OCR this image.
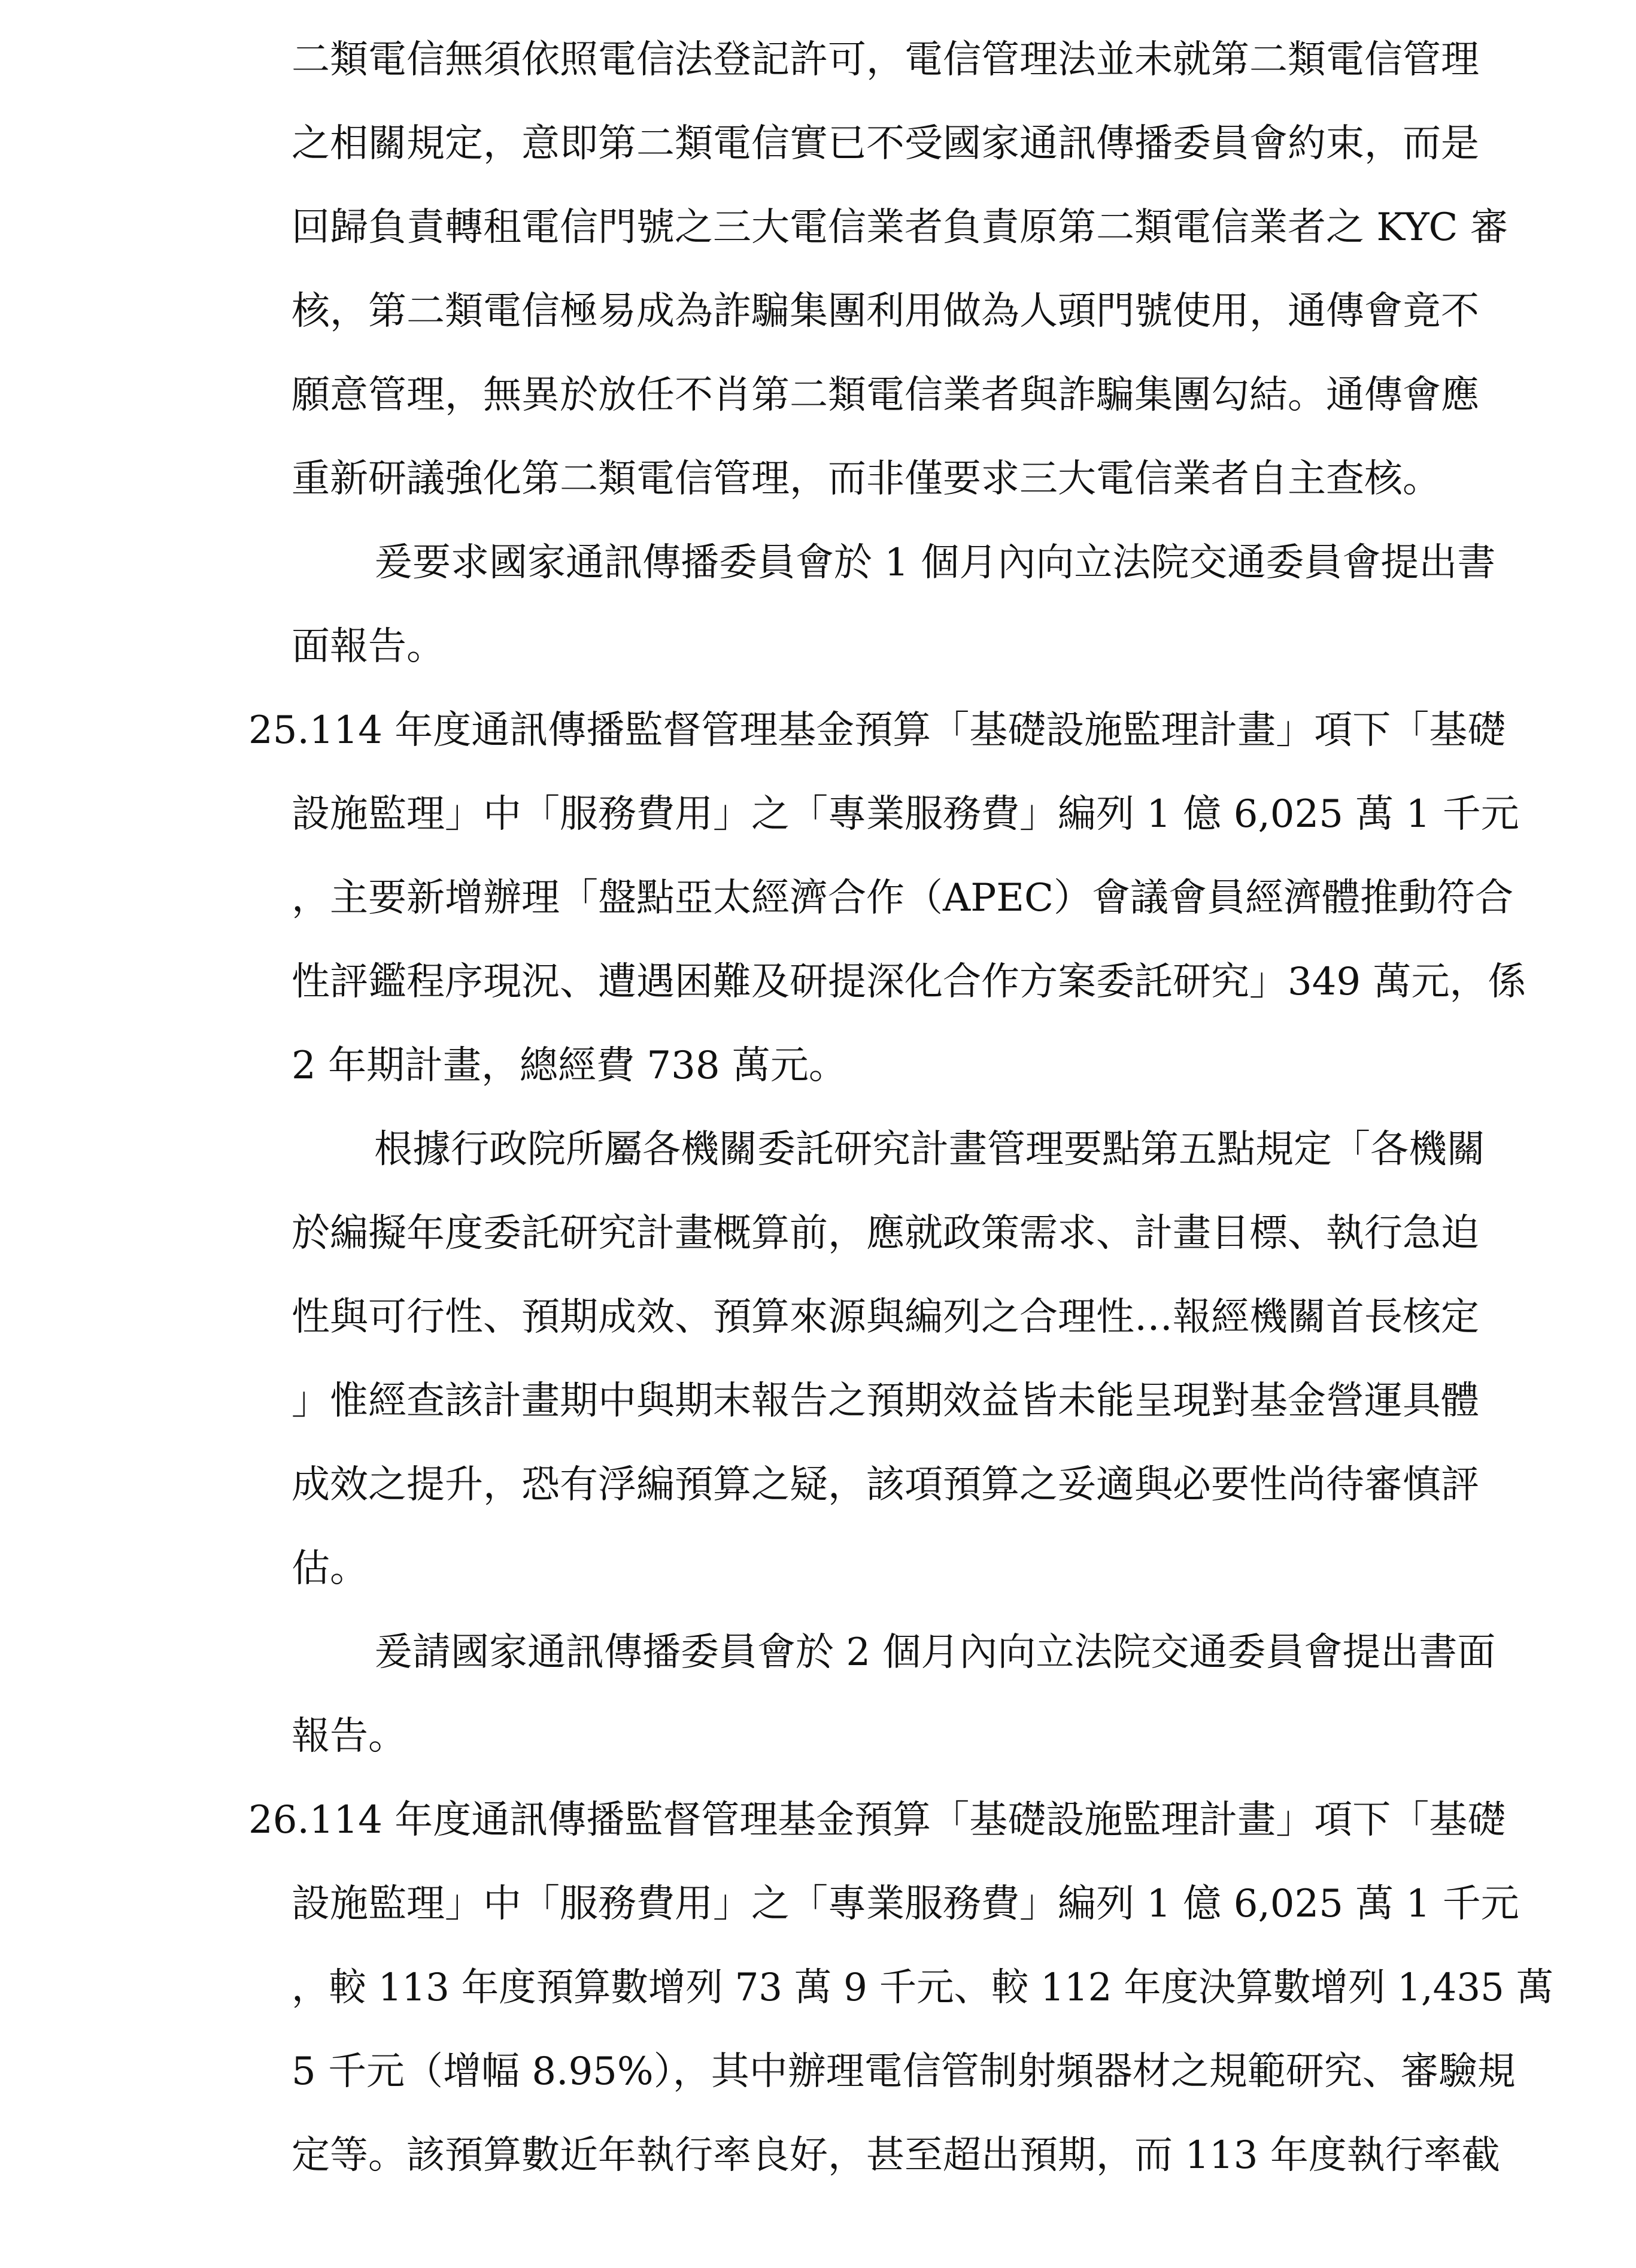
二類電信無須依照電信法登記許可，電信管理法並未就第二類電信管理
之相關規定，意即第二類電信實已不受國家通訊傳播委員會約束，而是
回歸負責轉租電信門號之三大電信業者負責原第二類電信業者之 KYC 審
核，第二類電信極易成為詐騙集團利用做為人頭門號使用，通傳會竟不
願意管理，無異於放任不肖第二類電信業者與詐騙集團勾結。通傳會應
重新研議強化第二類電信管理，而非僅要求三大電信業者自主查核。
爰要求國家通訊傳播委員會於 1 個月內向立法院交通委員會提出書
面報告。
25.114 年度通訊傳播監督管理基金預算「基礎設施監理計畫」項下「基礎
設施監理」中「服務費用」之「專業服務費」編列 1 億 6,025 萬 1 千元
，主要新增辦理「盤點亞太經濟合作（APEC）會議會員經濟體推動符合
性評鑑程序現況、遭遇困難及研提深化合作方案委託研究」349 萬元，係
2 年期計畫，總經費 738 萬元。
根據行政院所屬各機關委託研究計畫管理要點第五點規定「各機關
於編擬年度委託研究計畫概算前，應就政策需求、計畫目標、執行急迫
性與可行性、預期成效、預算來源與編列之合理性…報經機關首長核定
」惟經查該計畫期中與期末報告之預期效益皆未能呈現對基金營運具體
成效之提升，恐有浮編預算之疑，該項預算之妥適與必要性尚待審慎評
估。
爰請國家通訊傳播委員會於 2 個月內向立法院交通委員會提出書面
報告。
26.114 年度通訊傳播監督管理基金預算「基礎設施監理計畫」項下「基礎
設施監理」中「服務費用」之「專業服務費」編列 1 億 6,025 萬 1 千元
，較 113 年度預算數增列 73 萬 9 千元、較 112 年度決算數增列 1,435 萬
5 千元（增幅 8.95%），其中辦理電信管制射頻器材之規範研究、審驗規
定等。該預算數近年執行率良好，甚至超出預期，而 113 年度執行率截
